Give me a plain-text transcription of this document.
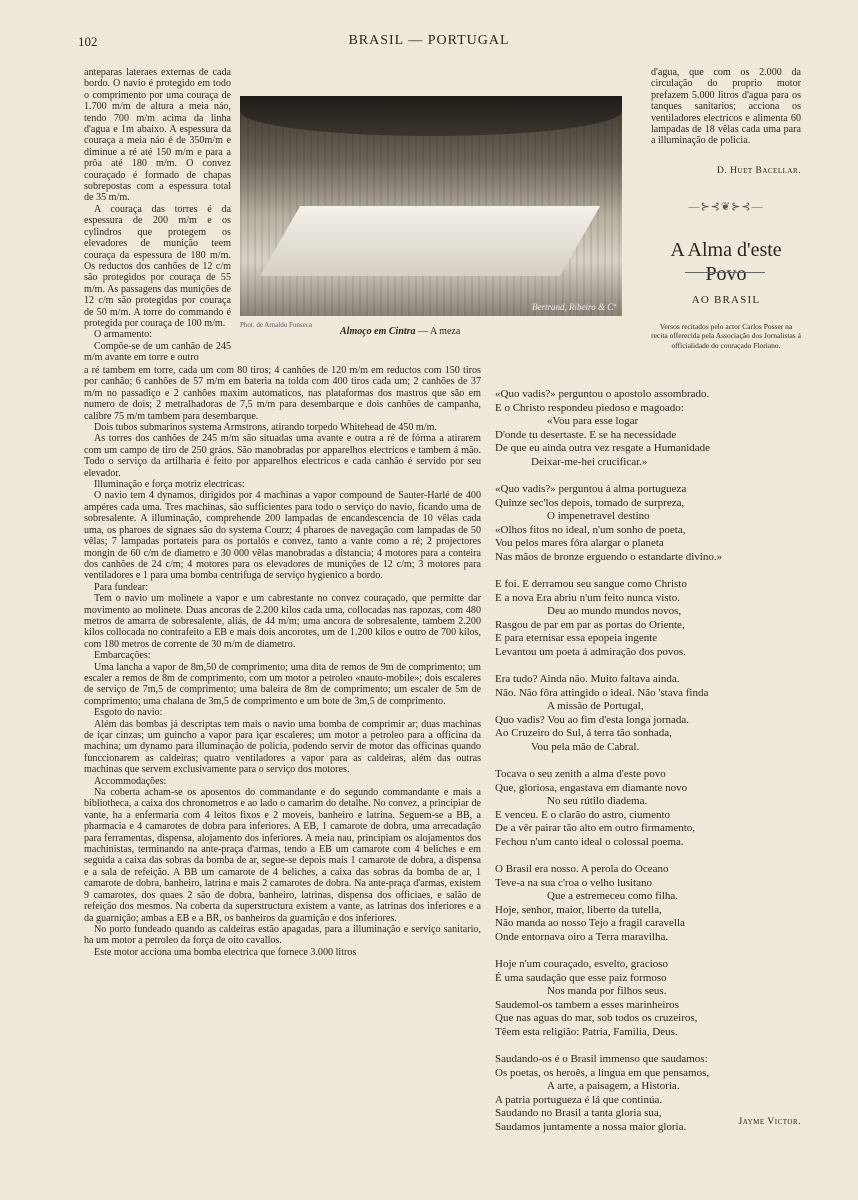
102	BRASIL — PORTUGAL

anteparas lateraes externas de cada bordo. O navio é protegido em todo o comprimento por uma couraça de 1.700 m/m de altura a meia náo, tendo 700 m/m acima da linha d'agua e 1m abaixo. A espessura da couraça a meia náo é de 350m/m e diminue a ré até 150 m/m e para a prôa até 180 m/m. O convez couraçado é formado de chapas sobrepostas com a espessura total de 35 m/m.

A couraça das torres é da espessura de 200 m/m e os cylindros que protegem os elevadores de munição teem couraça da espessura de 180 m/m. Os reductos dos canhões de 12 c/m são protegidos por couraça de 55 m/m. As passagens das munições de 12 c/m são protegidas por couraça de 50 m/m. A torre do commando é protegida por couraça de 100 m/m.

O armamento:

Compõe-se de um canhão de 245 m/m avante em torre e outro

Bertrand, Ribeiro & Cº
Phot. de Arnaldo Fonseca
Almoço em Cintra — A meza

a ré tambem em torre, cada um com 80 tiros; 4 canhões de 120 m/m em reductos com 150 tiros por canhão; 6 canhões de 57 m/m em bateria na tolda com 400 tiros cada um; 2 canhões de 37 m/m no passadiço e 2 canhões maxim automaticos, nas plataformas dos mastros que são em numero de dois; 2 metralhadoras de 7,5 m/m para desembarque e dois canhões de campanha, calibre 75 m/m tambem para desembarque.

Dois tubos submarinos systema Armstrons, atirando torpedo Whitehead de 450 m/m.

As torres dos canhões de 245 m/m são situadas uma avante e outra a ré de fórma a atirarem com um campo de tiro de 250 gráos. São manobradas por apparelhos electricos e tambem á mão. Todo o serviço da artilharia é feito por apparelhos electricos e cada canhão é servido por seu elevador.

Illuminação e força motriz electricas:

O navio tem 4 dynamos, dirigidos por 4 machinas a vapor compound de Sauter-Harlé de 400 ampéres cada uma. Tres machinas, são sufficientes para todo o serviço do navio, ficando uma de sobresalente. A illuminação, comprehende 200 lampadas de encandescencia de 10 vêlas cada uma, os pharoes de signaes são do systema Courz; 4 pharoes de navegação com lampadas de 50 vêlas; 7 lampadas portateis para os portalós e convez, tanto a vante como a ré; 2 projectores mongin de 60 c/m de diametro e 30 000 vêlas manobradas a distancia; 4 motores para a conteira dos canhões de 24 c/m; 4 motores para os elevadores de munições de 12 c/m; 3 motores para ventiladores e 1 para uma bomba centrifuga de serviço hygienico a bordo.

Para fundear:

Tem o navio um molinete a vapor e um cabrestante no convez couraçado, que permitte dar movimento ao molinete. Duas ancoras de 2.200 kilos cada uma, collocadas nas rapozas, com 480 metros de amarra de sobresalente, aliás, de 44 m/m; uma ancora de sobresalente, tambem 2.200 kilos collocada no contrafeito a EB e mais dois ancorotes, um de 1.200 kilos e outro de 700 kilos, com 180 metros de corrente de 30 m/m de diametro.

Embarcações:

Uma lancha a vapor de 8m,50 de comprimento; uma dita de remos de 9m de comprimento; um escaler a remos de 8m de comprimento, com um motor a petroleo «nauto-mobile»; dois escaleres de serviço de 7m,5 de comprimento; uma baleira de 8m de comprimento; um escaler de 5m de comprimento; uma chalana de 3m,5 de comprimento e um bote de 3m,5 de comprimento.

Esgoto do navio:

Além das bombas já descriptas tem mais o navio uma bomba de comprimir ar; duas machinas de içar cinzas; um guincho a vapor para içar escaleres; um motor a petroleo para a officina da machina; um dynamo para illuminação de policia, podendo servir de motor das officinas quando funccionarem as caldeiras; quatro ventiladores a vapor para as caldeiras, além das outras machinas que servem exclusivamente para o serviço dos motores.

Accommodações:

Na coberta acham-se os aposentos do commandante e do segundo commandante e mais a bibliotheca, a caixa dos chronometros e ao lado o camarim do detalhe. No convez, a principiar de vante, ha a enfermaria com 4 leitos fixos e 2 moveis, banheiro e latrina. Seguem-se a BB, a pharmacia e 4 camarotes de dobra para inferiores. A EB, 1 camarote de dobra, uma arrecadação para ferramentas, dispensa, alojamento dos inferiores. A meia nau, principiam os alojamentos dos machinistas, terminando na ante-praça d'armas, tendo a EB um camarote com 4 beliches e em seguida a caixa das sobras da bomba de ar, segue-se depois mais 1 camarote de dobra, a dispensa e a sala de refeição. A BB um camarote de 4 beliches, a caixa das sobras da bomba de ar, 1 camarote de dobra, banheiro, latrina e mais 2 camarotes de dobra. Na ante-praça d'armas, existem 9 camarotes, dos quaes 2 são de dobra, banheiro, latrinas, dispensa dos officiaes, e salão de refeição dos mesmos. Na coberta da superstructura existem a vante, as latrinas dos inferiores e a da guarnição; ambas a EB e a BR, os banheiros da guarnição e dos inferiores.

No porto fundeado quando as caldeiras estão apagadas, para a illuminação e serviço sanitario, ha um motor a petroleo da força de oito cavallos.

Este motor acciona uma bomba electrica que fornece 3.000 litros

d'agua, que com os 2.000 da circulação do proprio motor prefazem 5.000 litros d'agua para os tanques sanitarios; acciona os ventiladores electricos e alimenta 60 lampadas de 18 vêlas cada uma para a illuminação de policia.

D. Huet Bacellar.
—⊱⊰❦⊱⊰—
A Alma d'este Povo
AO BRASIL
Versos recitados pelo actor Carlos Posser na recita offerecida pela Associação dos Jornalistas á officialidade do couraçado Floriano.
«Quo vadis?» perguntou o apostolo assombrado.
E o Christo respondeu piedoso e magoado:
«Vou para esse logar
D'onde tu desertaste. E se ha necessidade
De que eu ainda outra vez resgate a Humanidade
Deixar-me-hei crucificar.»
«Quo vadis?» perguntou á alma portugueza
Quinze sec'los depois, tomado de surpreza,
O impenetravel destino
«Olhos fitos no ideal, n'um sonho de poeta,
Vou pelos mares fóra alargar o planeta
Nas mãos de bronze erguendo o estandarte divino.»
E foi. E derramou seu sangue como Christo
E a nova Era abriu n'um feito nunca visto.
Deu ao mundo mundos novos,
Rasgou de par em par as portas do Oriente,
E para eternisar essa epopeia ingente
Levantou um poeta á admiração dos povos.
Era tudo? Ainda não. Muito faltava ainda.
Não. Não fôra attingido o ideal. Não 'stava finda
A missão de Portugal,
Quo vadis? Vou ao fim d'esta longa jornada.
Ao Cruzeiro do Sul, á terra tão sonhada,
Vou pela mão de Cabral.
Tocava o seu zenith a alma d'este povo
Que, gloriosa, engastava em diamante novo
No seu rútilo diadema.
E venceu. E o clarão do astro, ciumento
De a vêr pairar tão alto em outro firmamento,
Fechou n'um canto ideal o colossal poema.
O Brasil era nosso. A perola do Oceano
Teve-a na sua c'roa o velho lusitano
Que a estremeceu como filha.
Hoje, senhor, maior, liberto da tutella,
Não manda ao nosso Tejo a fragil caravella
Onde entornava oiro a Terra maravilha.
Hoje n'um couraçado, esvelto, gracioso
É uma saudação que esse paiz formoso
Nos manda por filhos seus.
Saudemol-os tambem a esses marinheiros
Que nas aguas do mar, sob todos os cruzeiros,
Têem esta religião: Patria, Familia, Deus.
Saudando-os é o Brasil immenso que saudamos:
Os poetas, os heroês, a lingua em que pensamos,
A arte, a paisagem, a Historia.
A patria portugueza é lá que continúa.
Saudando no Brasil a tanta gloria sua,
Saudamos juntamente a nossa maior gloria.	Jayme Victor.
